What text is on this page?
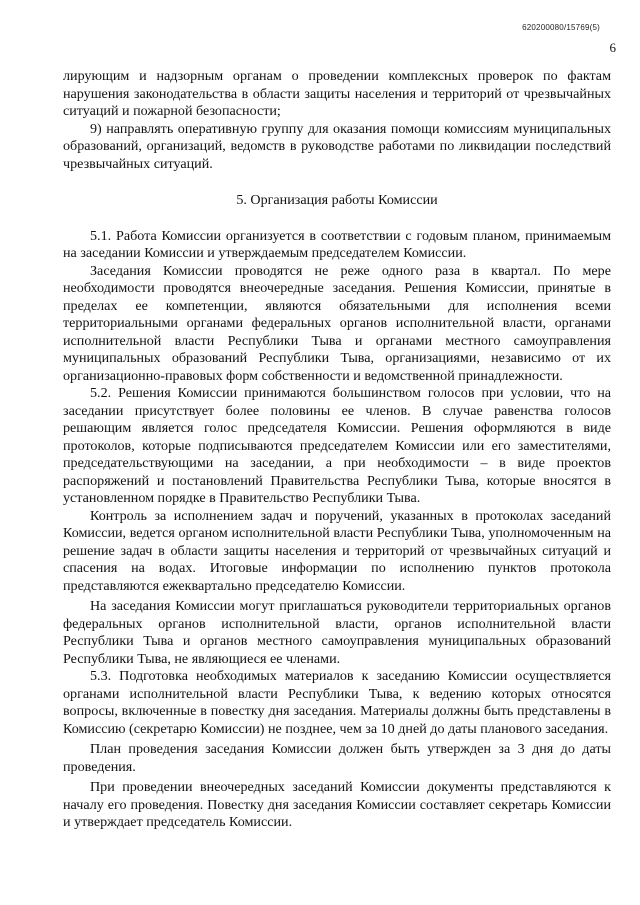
620200080/15769(5)
6

лирующим и надзорным органам о проведении комплексных проверок по фактам нарушения законодательства в области защиты населения и территорий от чрезвычайных ситуаций и пожарной безопасности;

9) направлять оперативную группу для оказания помощи комиссиям муниципальных образований, организаций, ведомств в руководстве работами по ликвидации последствий чрезвычайных ситуаций.

5. Организация работы Комиссии

5.1. Работа Комиссии организуется в соответствии с годовым планом, принимаемым на заседании Комиссии и утверждаемым председателем Комиссии.

Заседания Комиссии проводятся не реже одного раза в квартал. По мере необходимости проводятся внеочередные заседания. Решения Комиссии, принятые в пределах ее компетенции, являются обязательными для исполнения всеми территориальными органами федеральных органов исполнительной власти, органами исполнительной власти Республики Тыва и органами местного самоуправления муниципальных образований Республики Тыва, организациями, независимо от их организационно-правовых форм собственности и ведомственной принадлежности.

5.2. Решения Комиссии принимаются большинством голосов при условии, что на заседании присутствует более половины ее членов. В случае равенства голосов решающим является голос председателя Комиссии. Решения оформляются в виде протоколов, которые подписываются председателем Комиссии или его заместителями, председательствующими на заседании, а при необходимости – в виде проектов распоряжений и постановлений Правительства Республики Тыва, которые вносятся в установленном порядке в Правительство Республики Тыва.

Контроль за исполнением задач и поручений, указанных в протоколах заседаний Комиссии, ведется органом исполнительной власти Республики Тыва, уполномоченным на решение задач в области защиты населения и территорий от чрезвычайных ситуаций и спасения на водах. Итоговые информации по исполнению пунктов протокола представляются ежеквартально председателю Комиссии.

На заседания Комиссии могут приглашаться руководители территориальных органов федеральных органов исполнительной власти, органов исполнительной власти Республики Тыва и органов местного самоуправления муниципальных образований Республики Тыва, не являющиеся ее членами.

5.3. Подготовка необходимых материалов к заседанию Комиссии осуществляется органами исполнительной власти Республики Тыва, к ведению которых относятся вопросы, включенные в повестку дня заседания. Материалы должны быть представлены в Комиссию (секретарю Комиссии) не позднее, чем за 10 дней до даты планового заседания.

План проведения заседания Комиссии должен быть утвержден за 3 дня до даты проведения.

При проведении внеочередных заседаний Комиссии документы представляются к началу его проведения. Повестку дня заседания Комиссии составляет секретарь Комиссии и утверждает председатель Комиссии.
